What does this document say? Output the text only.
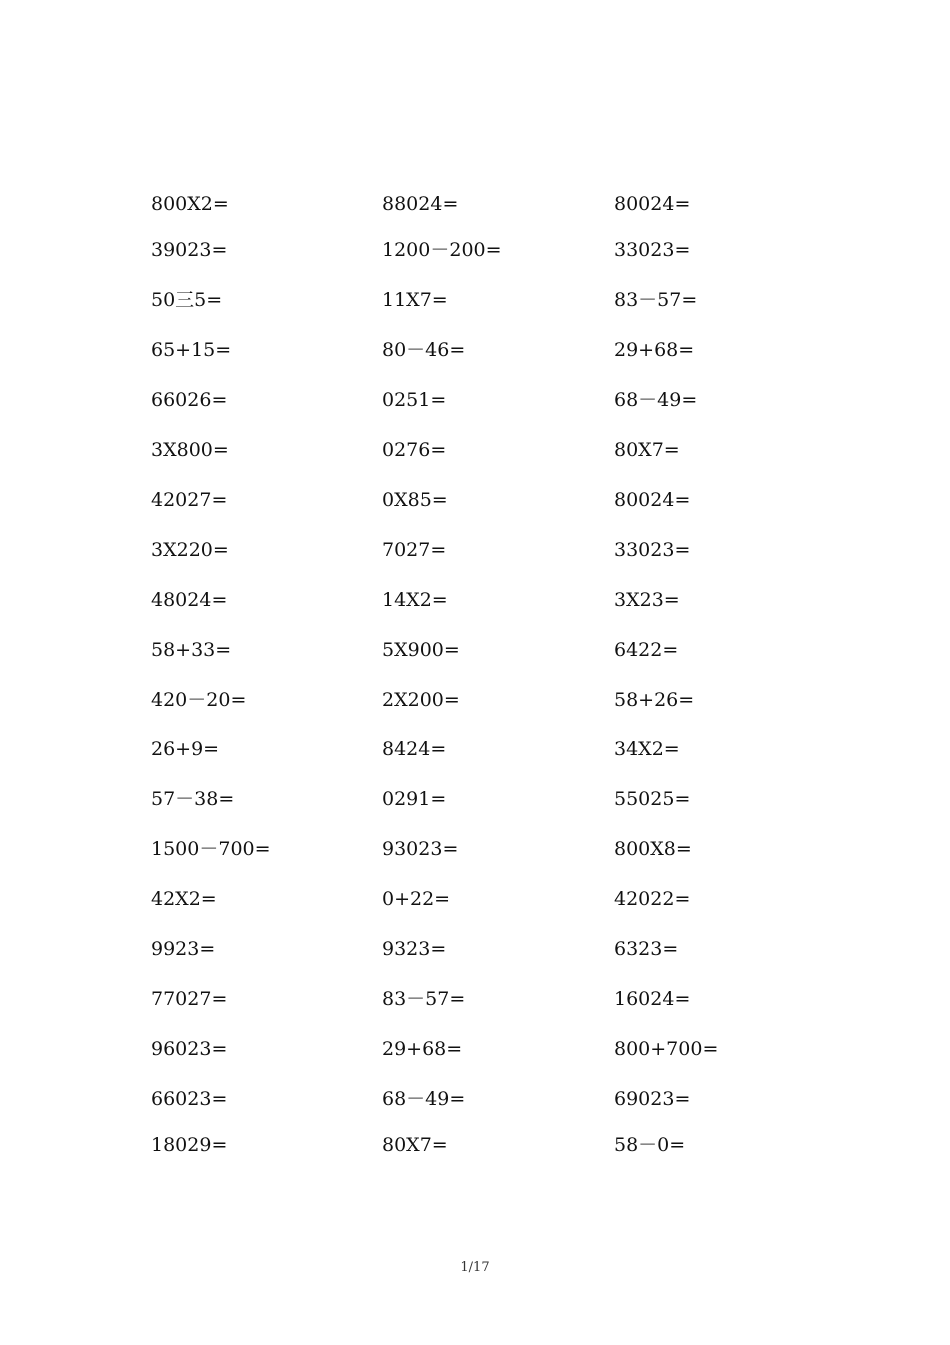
800X2=	88024=	80024=
39023=	1200－200=	33023=
50三5=	11X7=	83－57=
65+15=	80－46=	29+68=
66026=	0251=	68－49=
3X800=	0276=	80X7=
42027=	0X85=	80024=
3X220=	7027=	33023=
48024=	14X2=	3X23=
58+33=	5X900=	6422=
420－20=	2X200=	58+26=
26+9=	8424=	34X2=
57－38=	0291=	55025=
1500－700=	93023=	800X8=
42X2=	0+22=	42022=
9923=	9323=	6323=
77027=	83－57=	16024=
96023=	29+68=	800+700=
66023=	68－49=	69023=
18029=	80X7=	58－0=
1/17
